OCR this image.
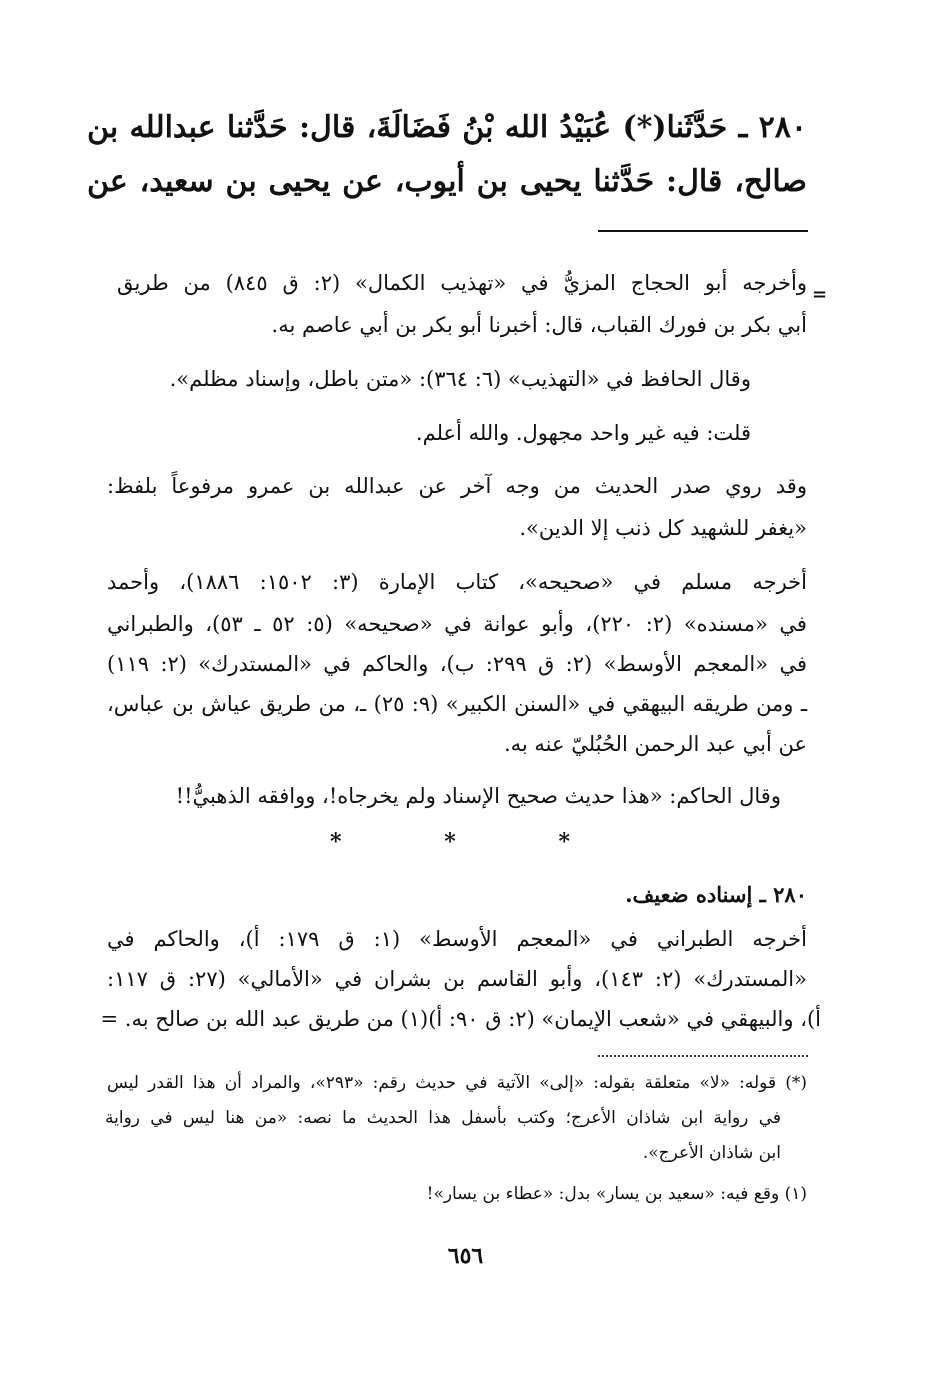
٢٨٠ ـ حَدَّثَنا(*) عُبَيْدُ الله بْنُ فَضَالَةَ، قال: حَدَّثنا عبدالله بن
صالح، قال: حَدَّثنا يحيى بن أيوب، عن يحيى بن سعيد، عن
=
وأخرجه أبو الحجاج المزيُّ في «تهذيب الكمال» (٢: ق ٨٤٥) من طريق
أبي بكر بن فورك القباب، قال: أخبرنا أبو بكر بن أبي عاصم به.
وقال الحافظ في «التهذيب» (٦: ٣٦٤): «متن باطل، وإسناد مظلم».
قلت: فيه غير واحد مجهول. والله أعلم.
وقد روي صدر الحديث من وجه آخر عن عبدالله بن عمرو مرفوعاً بلفظ:
«يغفر للشهيد كل ذنب إلا الدين».
أخرجه مسلم في «صحيحه»، كتاب الإمارة (٣: ١٥٠٢: ١٨٨٦)، وأحمد
في «مسنده» (٢: ٢٢٠)، وأبو عوانة في «صحيحه» (٥: ٥٢ ـ ٥٣)، والطبراني
في «المعجم الأوسط» (٢: ق ٢٩٩: ب)، والحاكم في «المستدرك» (٢: ١١٩)
ـ ومن طريقه البيهقي في «السنن الكبير» (٩: ٢٥) ـ، من طريق عياش بن عباس،
عن أبي عبد الرحمن الحُبُليّ عنه به.
وقال الحاكم: «هذا حديث صحيح الإسناد ولم يخرجاه!، ووافقه الذهبيُّ!!
*	*	*
٢٨٠ ـ إسناده ضعيف.
أخرجه الطبراني في «المعجم الأوسط» (١: ق ١٧٩: أ)، والحاكم في
«المستدرك» (٢: ١٤٣)، وأبو القاسم بن بشران في «الأمالي» (٢٧: ق ١١٧:
أ)، والبيهقي في «شعب الإيمان» (٢: ق ٩٠: أ)(١) من طريق عبد الله بن صالح به. =
(*) قوله: «لا» متعلقة بقوله: «إلى» الآتية في حديث رقم: «٢٩٣»، والمراد أن هذا القدر ليس
في رواية ابن شاذان الأعرج؛ وكتب بأسفل هذا الحديث ما نصه: «من هنا ليس في رواية
ابن شاذان الأعرج».
(١) وقع فيه: «سعيد بن يسار» بدل: «عطاء بن يسار»!
٦٥٦
